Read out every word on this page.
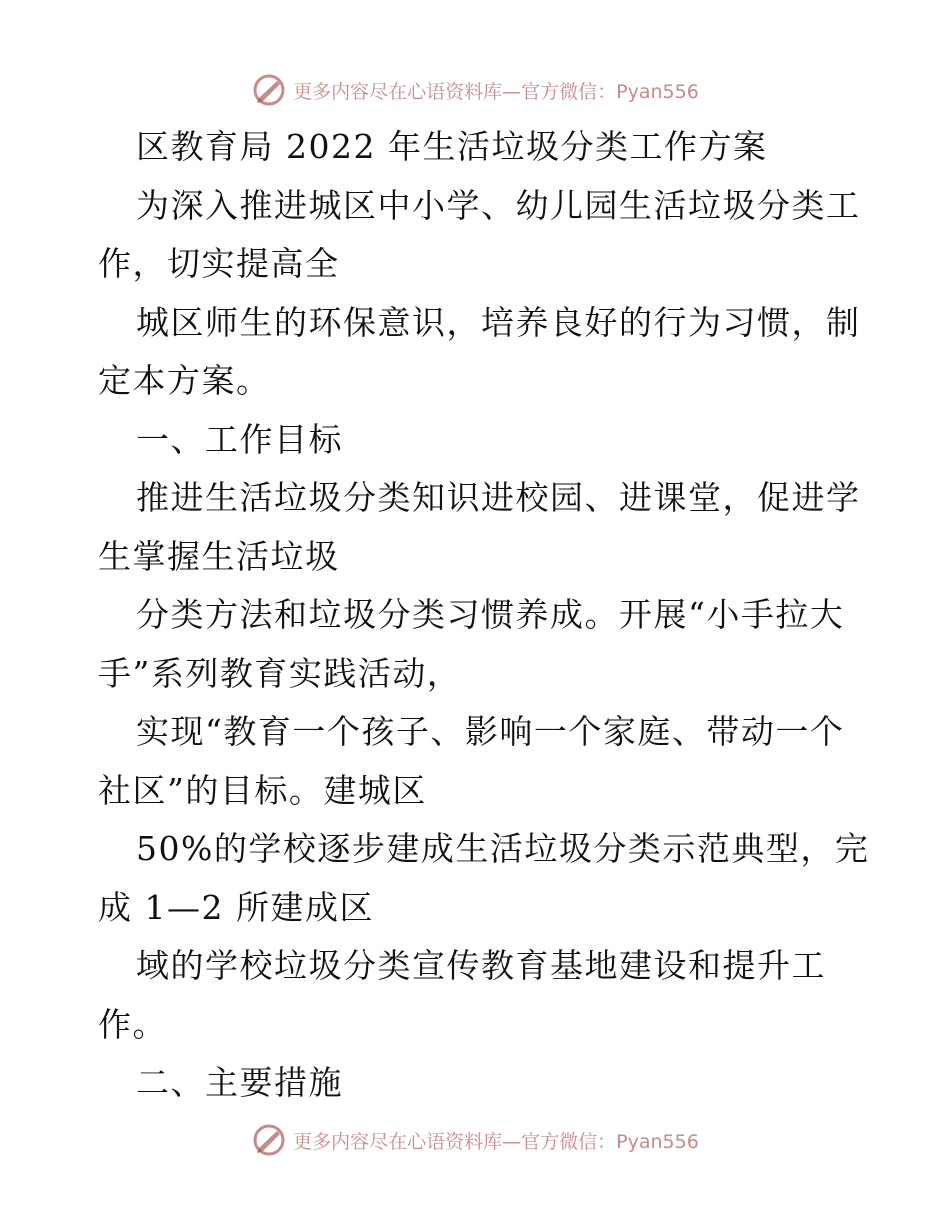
更多内容尽在心语资料库—官方微信：Pyan556
区教育局 2022 年生活垃圾分类工作方案
为深入推进城区中小学、幼儿园生活垃圾分类工
作，切实提高全
城区师生的环保意识，培养良好的行为习惯，制
定本方案。
一、工作目标
推进生活垃圾分类知识进校园、进课堂，促进学
生掌握生活垃圾
分类方法和垃圾分类习惯养成。开展“小手拉大
手”系列教育实践活动，
实现“教育一个孩子、影响一个家庭、带动一个
社区”的目标。建城区
50%的学校逐步建成生活垃圾分类示范典型，完
成 1—2 所建成区
域的学校垃圾分类宣传教育基地建设和提升工
作。
二、主要措施
更多内容尽在心语资料库—官方微信：Pyan556
